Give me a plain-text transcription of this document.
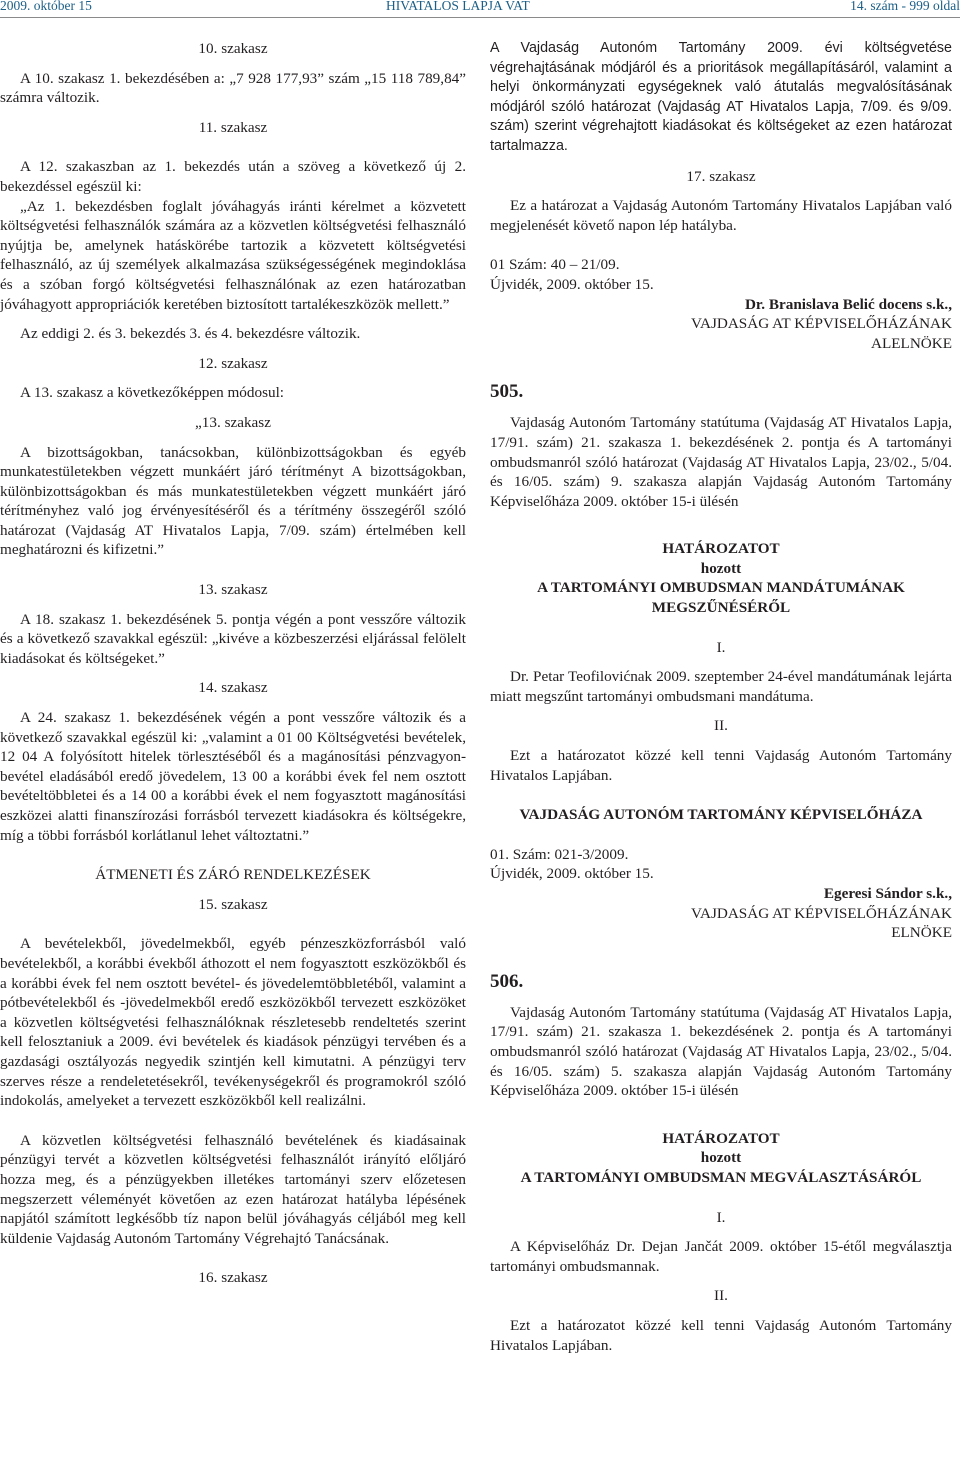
2009. október 15	HIVATALOS LAPJA VAT	14. szám - 999 oldal

10. szakasz

A 10. szakasz 1. bekezdésében a: „7 928 177,93” szám „15 118 789,84” számra változik.

11. szakasz

A 12. szakaszban az 1. bekezdés után a szöveg a következő új 2. bekezdéssel egészül ki:

„Az 1. bekezdésben foglalt jóváhagyás iránti kérelmet a közvetett költségvetési felhasználók számára az a közvetlen költségvetési felhasználó nyújtja be, amelynek hatáskörébe tartozik a közvetett költségvetési felhasználó, az új személyek alkalmazása szükségességének megindoklása és a szóban forgó költségvetési felhasználónak az ezen határozatban jóváhagyott appropriációk keretében biztosított tartalékeszközök mellett.”

Az eddigi 2. és 3. bekezdés 3. és 4. bekezdésre változik.

12. szakasz

A 13. szakasz a következőképpen módosul:

„13. szakasz

A bizottságokban, tanácsokban, különbizottságokban és egyéb munkatestületekben végzett munkáért járó térítményt A bizottságokban, különbizottságokban és más munkatestületekben végzett munkáért járó térítményhez való jog érvényesítéséről és a térítmény összegéről szóló határozat (Vajdaság AT Hivatalos Lapja, 7/09. szám) értelmében kell meghatározni és kifizetni.”

13. szakasz

A 18. szakasz 1. bekezdésének 5. pontja végén a pont vesszőre változik és a következő szavakkal egészül: „kivéve a közbeszerzési eljárással felölelt kiadásokat és költségeket.”

14. szakasz

A 24. szakasz 1. bekezdésének végén a pont vesszőre változik és a következő szavakkal egészül ki: „valamint a 01 00 Költségvetési bevételek, 12 04 A folyósított hitelek törlesztéséből és a magánosítási pénzvagyon-bevétel eladásából eredő jövedelem, 13 00 a korábbi évek fel nem osztott bevételtöbbletei és a 14 00 a korábbi évek el nem fogyasztott magánosítási eszközei alatti finanszírozási forrásból tervezett kiadásokra és költségekre, míg a többi forrásból korlátlanul lehet változtatni.”

ÁTMENETI ÉS ZÁRÓ RENDELKEZÉSEK

15. szakasz

A bevételekből, jövedelmekből, egyéb pénzeszközforrásból való bevételekből, a korábbi évekből áthozott el nem fogyasztott eszközökből és a korábbi évek fel nem osztott bevétel- és jövedelemtöbbletéből, valamint a pótbevételekből és -jövedelmekből eredő eszközökből tervezett eszközöket a közvetlen költségvetési felhasználóknak részletesebb rendeltetés szerint kell felosztaniuk a 2009. évi bevételek és kiadások pénzügyi tervében és a gazdasági osztályozás negyedik szintjén kell kimutatni. A pénzügyi terv szerves része a rendeletetésekről, tevékenységekről és programokról szóló indokolás, amelyeket a tervezett eszközökből kell realizálni.

A közvetlen költségvetési felhasználó bevételének és kiadásainak pénzügyi tervét a közvetlen költségvetési felhasználót irányító előljáró hozza meg, és a pénzügyekben illetékes tartományi szerv előzetesen megszerzett véleményét követően az ezen határozat hatályba lépésének napjától számított legkésőbb tíz napon belül jóváhagyás céljából meg kell küldenie Vajdaság Autonóm Tartomány Végrehajtó Tanácsának.

16. szakasz

A Vajdaság Autonóm Tartomány 2009. évi költségvetése végrehajtásának módjáról és a prioritások megállapításáról, valamint a helyi önkormányzati egységeknek való átutalás megvalósításának módjáról szóló határozat (Vajdaság AT Hivatalos Lapja, 7/09. és 9/09. szám) szerint végrehajtott kiadásokat és költségeket az ezen határozat tartalmazza.

17. szakasz

Ez a határozat a Vajdaság Autonóm Tartomány Hivatalos Lapjában való megjelenését követő napon lép hatályba.

01 Szám: 40 – 21/09.

Újvidék, 2009. október 15.

Dr. Branislava Belić docens s.k.,

VAJDASÁG AT KÉPVISELŐHÁZÁNAK

ALELNÖKE

505.

Vajdaság Autonóm Tartomány statútuma (Vajdaság AT Hivatalos Lapja, 17/91. szám) 21. szakasza 1. bekezdésének 2. pontja és A tartományi ombudsmanról szóló határozat (Vajdaság AT Hivatalos Lapja, 23/02., 5/04. és 16/05. szám) 9. szakasza alapján Vajdaság Autonóm Tartomány Képviselőháza 2009. október 15-i ülésén

HATÁROZATOT

hozott

A TARTOMÁNYI OMBUDSMAN MANDÁTUMÁNAK

MEGSZŰNÉSÉRŐL

I.

Dr. Petar Teofilovićnak 2009. szeptember 24-ével mandátumának lejárta miatt megszűnt tartományi ombudsmani mandátuma.

II.

Ezt a határozatot közzé kell tenni Vajdaság Autonóm Tartomány Hivatalos Lapjában.

VAJDASÁG AUTONÓM TARTOMÁNY KÉPVISELŐHÁZA

01. Szám: 021-3/2009.

Újvidék, 2009. október 15.

Egeresi Sándor s.k.,

VAJDASÁG AT KÉPVISELŐHÁZÁNAK

ELNÖKE

506.

Vajdaság Autonóm Tartomány statútuma (Vajdaság AT Hivatalos Lapja, 17/91. szám) 21. szakasza 1. bekezdésének 2. pontja és A tartományi ombudsmanról szóló határozat (Vajdaság AT Hivatalos Lapja, 23/02., 5/04. és 16/05. szám) 5. szakasza alapján Vajdaság Autonóm Tartomány Képviselőháza 2009. október 15-i ülésén

HATÁROZATOT

hozott

A TARTOMÁNYI OMBUDSMAN MEGVÁLASZTÁSÁRÓL

I.

A Képviselőház Dr. Dejan Jančát 2009. október 15-étől megválasztja tartományi ombudsmannak.

II.

Ezt a határozatot közzé kell tenni Vajdaság Autonóm Tartomány Hivatalos Lapjában.
